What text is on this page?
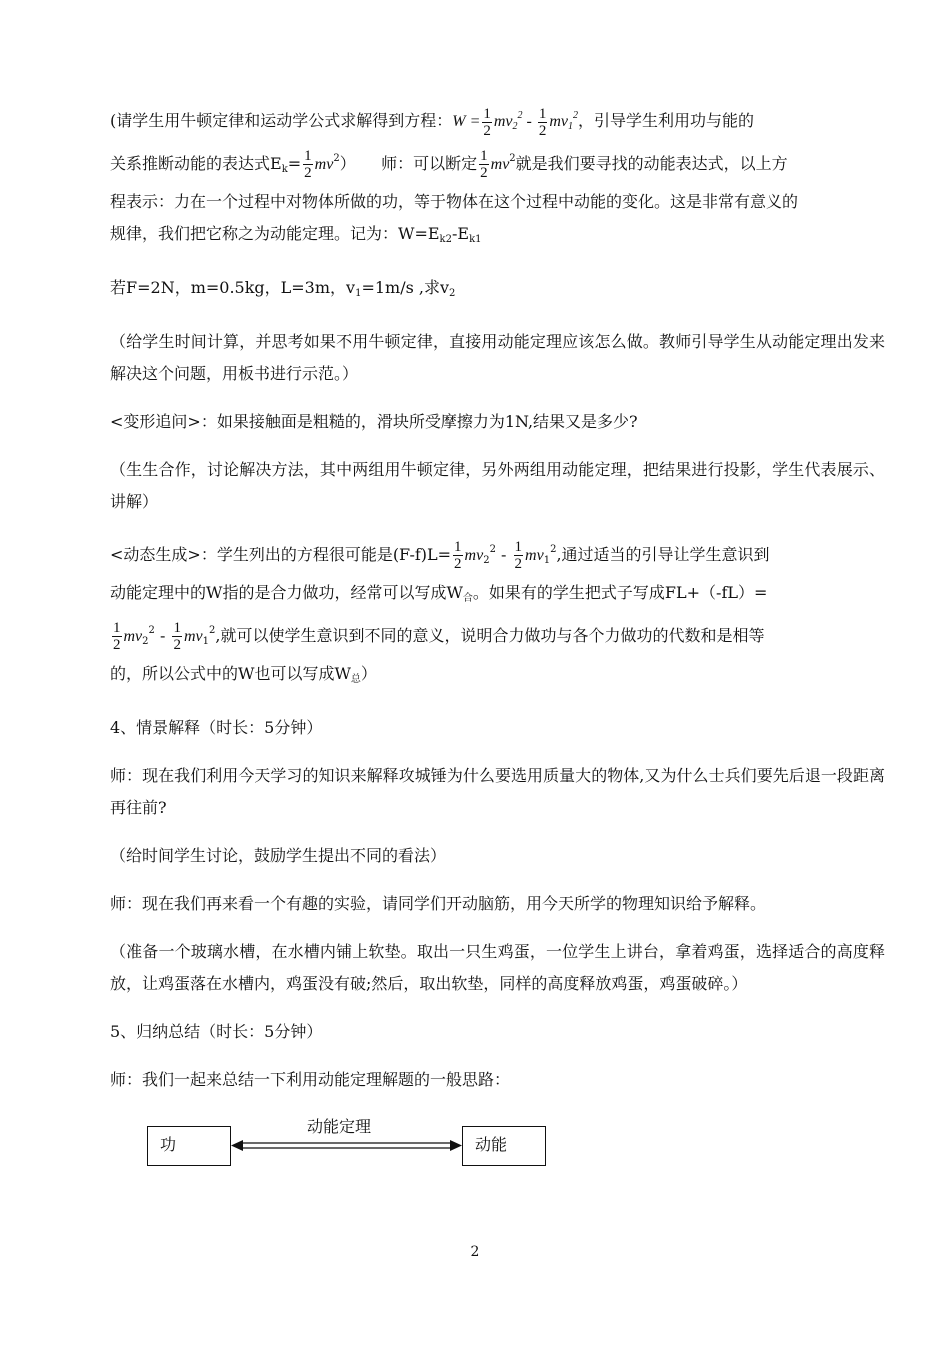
(请学生用牛顿定律和运动学公式求解得到方程：$W = \frac{1}{2} mv_2^2 - \frac{1}{2} mv_1^2$，引导学生利用功与能的
关系推断动能的表达式$E_k= \frac{1}{2} mv^2$）     师：可以断定 $\frac{1}{2} mv^2$就是我们要寻找的动能表达式，以上方
程表示：力在一个过程中对物体所做的功，等于物体在这个过程中动能的变化。这是非常有意义的
规律，我们把它称之为动能定理。记为：$W=E_{k2}-E_{k1}$
若F=2N，m=0.5kg，L=3m，$v_1=1m/s$ ,求$v_2$
（给学生时间计算，并思考如果不用牛顿定律，直接用动能定理应该怎么做。教师引导学生从动能定理出发来解决这个问题，用板书进行示范。）
<变形追问>：如果接触面是粗糙的，滑块所受摩擦力为1N,结果又是多少?
（生生合作，讨论解决方法，其中两组用牛顿定律，另外两组用动能定理，把结果进行投影，学生代表展示、讲解）
<动态生成>：学生列出的方程很可能是$(F-f)L= \frac{1}{2} mv_2^2 - \frac{1}{2} mv_1^2$,通过适当的引导让学生意识到
动能定理中的W指的是合力做功，经常可以写成$W_合$。如果有的学生把式子写成FL+（-fL）=
$\frac{1}{2} mv_2^2 - \frac{1}{2} mv_1^2$,就可以使学生意识到不同的意义，说明合力做功与各个力做功的代数和是相等
的，所以公式中的W也可以写成$W_总$）
4、情景解释（时长：5分钟）
师：现在我们利用今天学习的知识来解释攻城锤为什么要选用质量大的物体,又为什么士兵们要先后退一段距离再往前?
（给时间学生讨论，鼓励学生提出不同的看法）
师：现在我们再来看一个有趣的实验，请同学们开动脑筋，用今天所学的物理知识给予解释。
（准备一个玻璃水槽，在水槽内铺上软垫。取出一只生鸡蛋，一位学生上讲台，拿着鸡蛋，选择适合的高度释放，让鸡蛋落在水槽内，鸡蛋没有破;然后，取出软垫，同样的高度释放鸡蛋，鸡蛋破碎。）
5、归纳总结（时长：5分钟）
师：我们一起来总结一下利用动能定理解题的一般思路：
功	动能
动能定理
2
